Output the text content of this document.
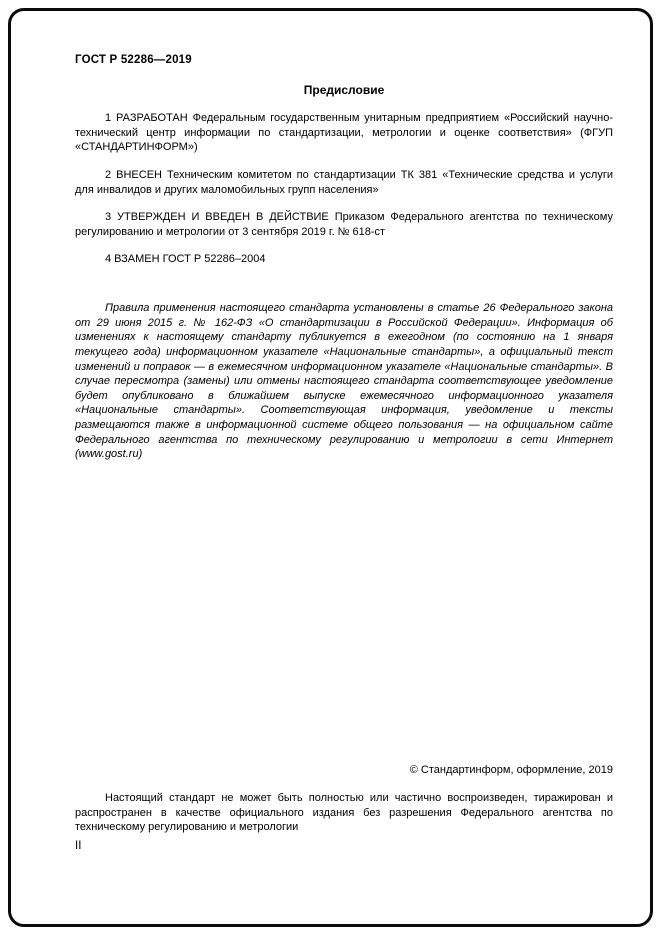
ГОСТ Р 52286—2019
Предисловие

1 РАЗРАБОТАН Федеральным государственным унитарным предприятием «Российский научно-технический центр информации по стандартизации, метрологии и оценке соответствия» (ФГУП «СТАНДАРТИНФОРМ»)

2 ВНЕСЕН Техническим комитетом по стандартизации ТК 381 «Технические средства и услуги для инвалидов и других маломобильных групп населения»

3 УТВЕРЖДЕН И ВВЕДЕН В ДЕЙСТВИЕ Приказом Федерального агентства по техническому регулированию и метрологии от 3 сентября 2019 г. № 618-ст

4 ВЗАМЕН ГОСТ Р 52286–2004

Правила применения настоящего стандарта установлены в статье 26 Федерального закона от 29 июня 2015 г. № 162-ФЗ «О стандартизации в Российской Федерации». Информация об изменениях к настоящему стандарту публикуется в ежегодном (по состоянию на 1 января текущего года) информационном указателе «Национальные стандарты», а официальный текст изменений и поправок — в ежемесячном информационном указателе «Национальные стандарты». В случае пересмотра (замены) или отмены настоящего стандарта соответствующее уведомление будет опубликовано в ближайшем выпуске ежемесячного информационного указателя «Национальные стандарты». Соответствующая информация, уведомление и тексты размещаются также в информационной системе общего пользования — на официальном сайте Федерального агентства по техническому регулированию и метрологии в сети Интернет (www.gost.ru)

© Стандартинформ, оформление, 2019

Настоящий стандарт не может быть полностью или частично воспроизведен, тиражирован и распространен в качестве официального издания без разрешения Федерального агентства по техническому регулированию и метрологии

II
